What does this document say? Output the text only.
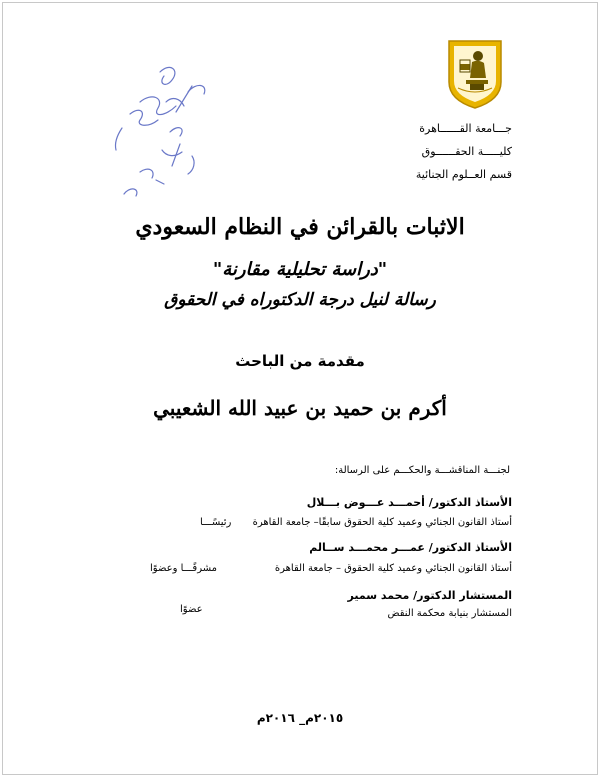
جـــامعة القــــــاهرة
كليـــــة الحقــــــوق
قسم العــلوم الجنائية
الاثبات بالقرائن في النظام السعودي
"دراسة تحليلية مقارنة"
رسالة لنيل درجة الدكتوراه في الحقوق
مقدمة من الباحث
أكرم بن حميد بن عبيد الله الشعيبي
لجنـــة المناقشـــة والحكـــم على الرسالة:
الأستاذ الدكتور/ أحمـــد عـــوض بـــلال
أستاذ القانون الجنائي وعميد كلية الحقوق سابقًا– جامعة القاهرة
رئيسًـــا
الأستاذ الدكتور/ عمـــر محمـــد ســالم
أستاذ القانون الجنائي وعميد كلية الحقوق – جامعة القاهرة
مشرفًـــا وعضوًا
المستشار الدكتور/ محمد سمير
المستشار بنيابة محكمة النقض
عضوًا
٢٠١٥م_ ٢٠١٦م
